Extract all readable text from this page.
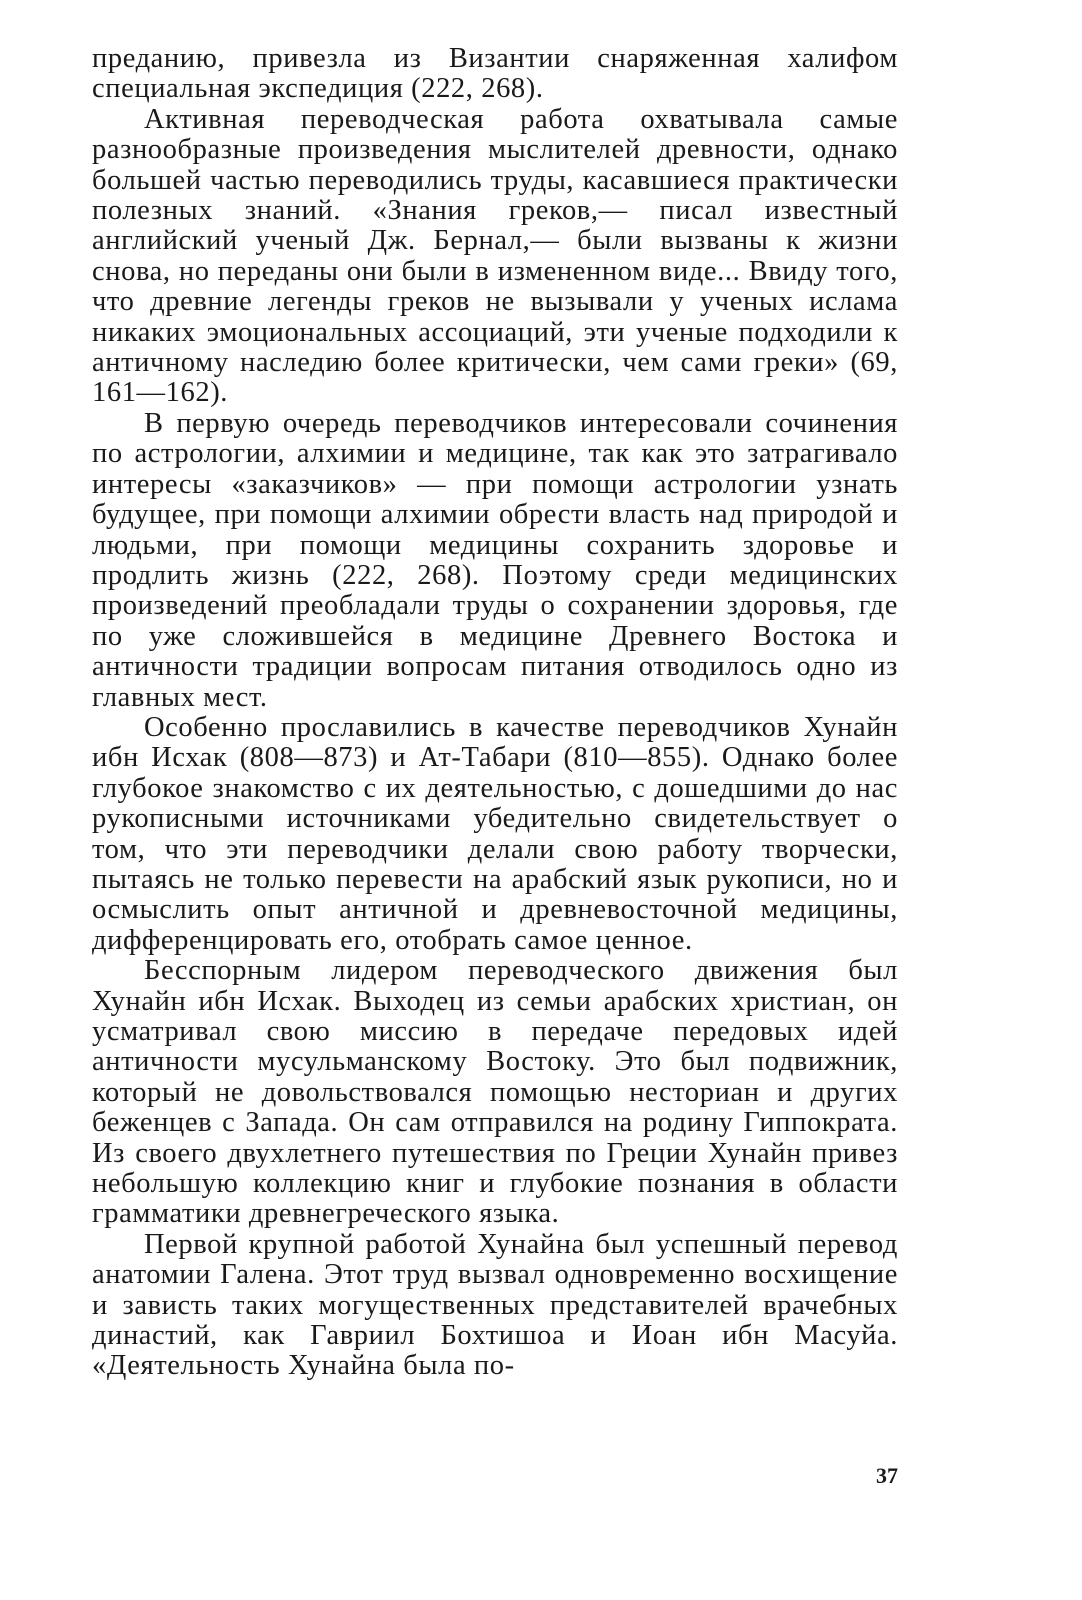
преданию, привезла из Византии снаряженная халифом специальная экспедиция (222, 268).

Активная переводческая работа охватывала самые разнообразные произведения мыслителей древности, однако большей частью переводились труды, касавшиеся практически полезных знаний. «Знания греков,— писал известный английский ученый Дж. Бернал,— были вызваны к жизни снова, но переданы они были в измененном виде... Ввиду того, что древние легенды греков не вызывали у ученых ислама никаких эмоциональных ассоциаций, эти ученые подходили к античному наследию более критически, чем сами греки» (69, 161—162).

В первую очередь переводчиков интересовали сочинения по астрологии, алхимии и медицине, так как это затрагивало интересы «заказчиков» — при помощи астрологии узнать будущее, при помощи алхимии обрести власть над природой и людьми, при помощи медицины сохранить здоровье и продлить жизнь (222, 268). Поэтому среди медицинских произведений преобладали труды о сохранении здоровья, где по уже сложившейся в медицине Древнего Востока и античности традиции вопросам питания отводилось одно из главных мест.

Особенно прославились в качестве переводчиков Хунайн ибн Исхак (808—873) и Ат-Табари (810—855). Однако более глубокое знакомство с их деятельностью, с дошедшими до нас рукописными источниками убедительно свидетельствует о том, что эти переводчики делали свою работу творчески, пытаясь не только перевести на арабский язык рукописи, но и осмыслить опыт античной и древневосточной медицины, дифференцировать его, отобрать самое ценное.

Бесспорным лидером переводческого движения был Хунайн ибн Исхак. Выходец из семьи арабских христиан, он усматривал свою миссию в передаче передовых идей античности мусульманскому Востоку. Это был подвижник, который не довольствовался помощью несториан и других беженцев с Запада. Он сам отправился на родину Гиппократа. Из своего двухлетнего путешествия по Греции Хунайн привез небольшую коллекцию книг и глубокие познания в области грамматики древнегреческого языка.

Первой крупной работой Хунайна был успешный перевод анатомии Галена. Этот труд вызвал одновременно восхищение и зависть таких могущественных представителей врачебных династий, как Гавриил Бохтишоа и Иоан ибн Масуйа. «Деятельность Хунайна была по-

37
